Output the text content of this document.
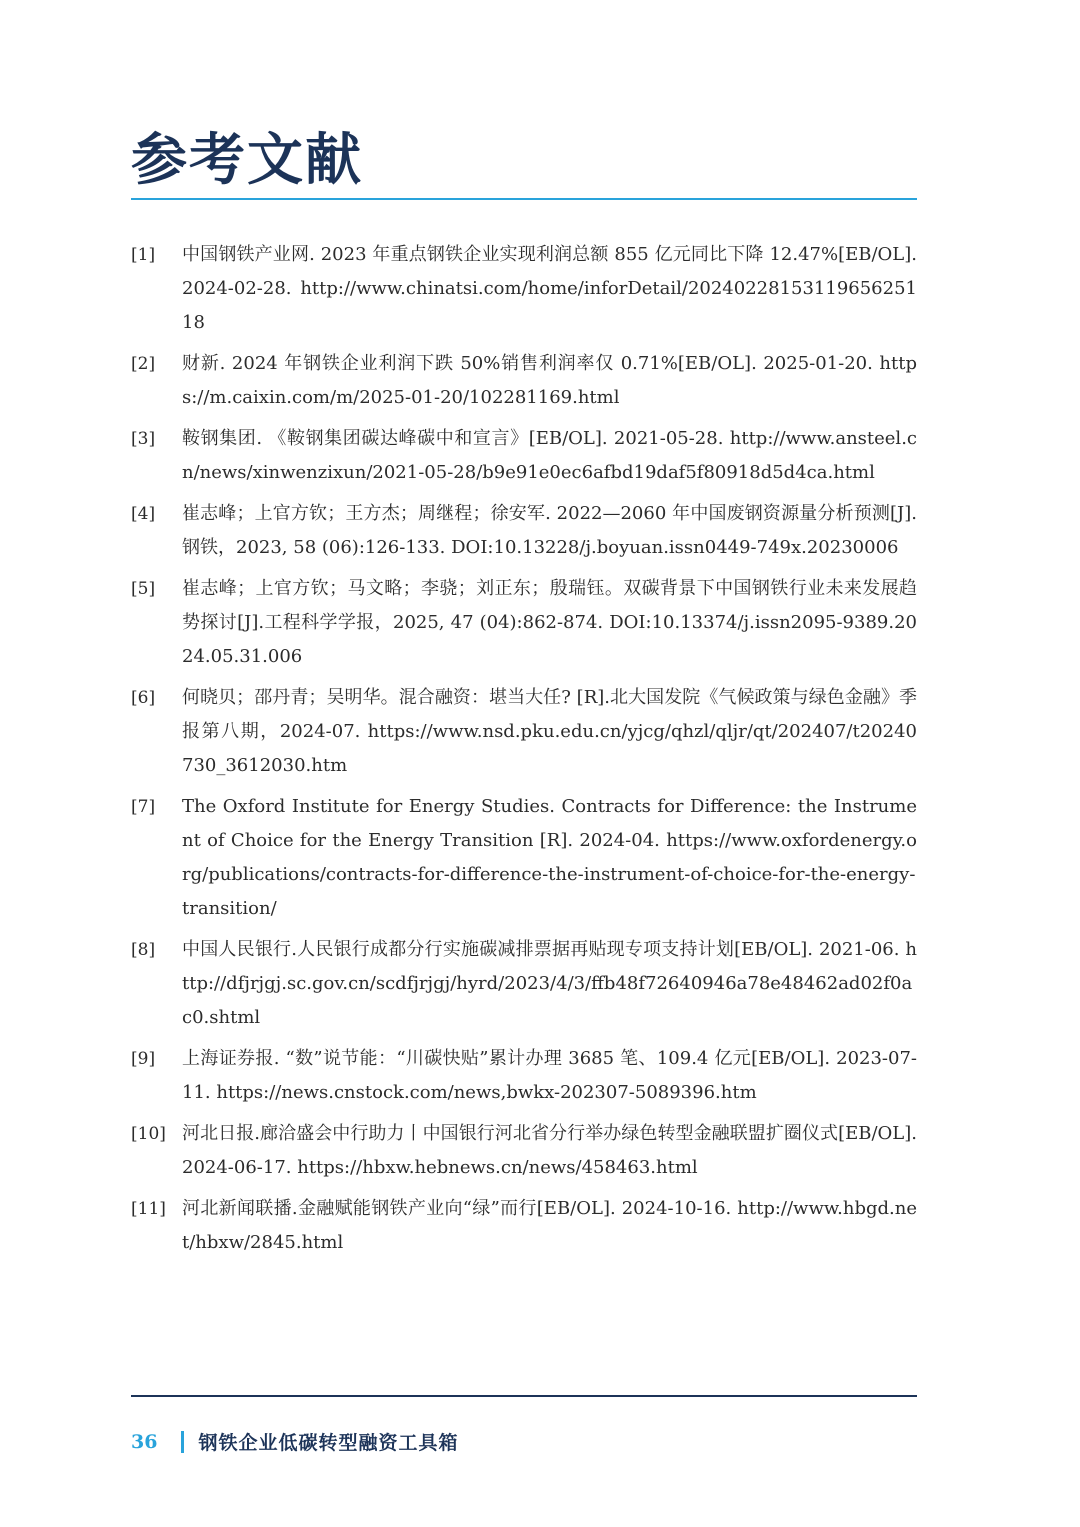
参考文献
[1]	中国钢铁产业网. 2023 年重点钢铁企业实现利润总额 855 亿元同比下降 12.47%[EB/OL]. 2024-02-28. http://www.chinatsi.com/home/inforDetail/20240228153119656251​18
[2]	财新. 2024 年钢铁企业利润下跌 50%销售利润率仅 0.71%[EB/OL]. 2025-01-20. https://m.caixin.com/m/2025-01-20/102281169.html
[3]	鞍钢集团. 《鞍钢集团碳达峰碳中和宣言》[EB/OL]. 2021-05-28. http://www.ansteel.cn/news/xinwenzixun/2021-05-28/b9e91e0ec6afbd19daf5f80918d5d4ca.html
[4]	崔志峰；上官方钦；王方杰；周继程；徐安军. 2022—2060 年中国废钢资源量分析预测[J].钢铁，2023, 58 (06):126-133. DOI:10.13228/j.boyuan.issn0449-749x.20230006
[5]	崔志峰；上官方钦；马文略；李骁；刘正东；殷瑞钰。双碳背景下中国钢铁行业未来发展趋势探讨[J].工程科学学报，2025, 47 (04):862-874. DOI:10.13374/j.issn2095-9389.2024.05.31.006
[6]	何晓贝；邵丹青；吴明华。混合融资：堪当大任? [R].北大国发院《气候政策与绿色金融》季报第八期，2024-07. https://www.nsd.pku.edu.cn/yjcg/qhzl/qljr/qt/202407/t20240730_3612030.htm
[7]	The Oxford Institute for Energy Studies. Contracts for Difference: the Instrument of Choice for the Energy Transition [R]. 2024-04. https://www.oxfordenergy.org/publications/contracts-for-difference-the-instrument-of-choice-for-the-energy-transition/
[8]	中国人民银行.人民银行成都分行实施碳减排票据再贴现专项支持计划[EB/OL]. 2021-06. http://dfjrjgj.sc.gov.cn/scdfjrjgj/hyrd/2023/4/3/ffb48f72640946a78e48462ad02f0ac0.shtml
[9]	上海证券报. “数”说节能：“川碳快贴”累计办理 3685 笔、109.4 亿元[EB/OL]. 2023-07-11. https://news.cnstock.com/news,bwkx-202307-5089396.htm
[10] 河北日报.廊洽盛会中行助力丨中国银行河北省分行举办绿色转型金融联盟扩圈仪式[EB/OL]. 2024-06-17. https://hbxw.hebnews.cn/news/458463.html
[11] 河北新闻联播.金融赋能钢铁产业向“绿”而行[EB/OL]. 2024-10-16. http://www.hbgd.net/hbxw/2845.html
36 钢铁企业低碳转型融资工具箱
